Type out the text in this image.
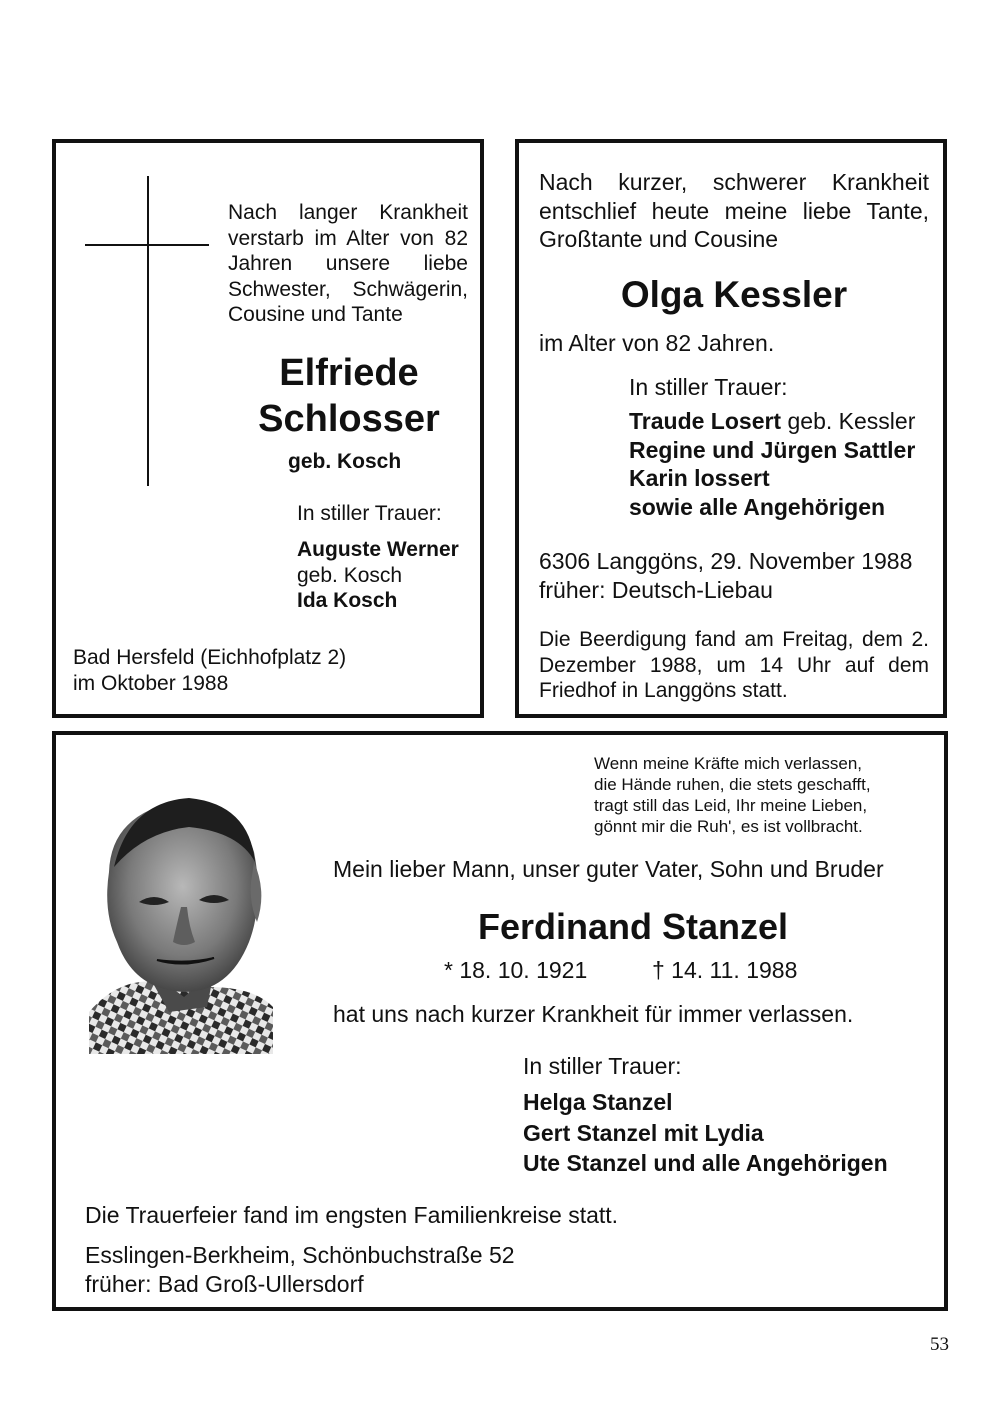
Nach langer Krankheit
verstarb im Alter von 82
Jahren unsere liebe
Schwester, Schwägerin,
Cousine und Tante
Elfriede
Schlosser
geb. Kosch
In stiller Trauer:
Auguste Werner
geb. Kosch
Ida Kosch
Bad Hersfeld (Eichhofplatz 2)
im Oktober 1988
Nach kurzer, schwerer Krankheit
entschlief heute meine liebe Tante,
Großtante und Cousine
Olga Kessler
im Alter von 82 Jahren.
In stiller Trauer:
Traude Losert geb. Kessler
Regine und Jürgen Sattler
Karin lossert
sowie alle Angehörigen
6306 Langgöns, 29. November 1988
früher: Deutsch-Liebau
Die Beerdigung fand am Freitag, dem 2.
Dezember 1988, um 14 Uhr auf dem
Friedhof in Langgöns statt.
Wenn meine Kräfte mich verlassen,
die Hände ruhen, die stets geschafft,
tragt still das Leid, Ihr meine Lieben,
gönnt mir die Ruh', es ist vollbracht.
Mein lieber Mann, unser guter Vater, Sohn und Bruder
Ferdinand Stanzel
* 18. 10. 1921	† 14. 11. 1988
hat uns nach kurzer Krankheit für immer verlassen.
In stiller Trauer:
Helga Stanzel
Gert Stanzel mit Lydia
Ute Stanzel und alle Angehörigen
Die Trauerfeier fand im engsten Familienkreise statt.
Esslingen-Berkheim, Schönbuchstraße 52
früher: Bad Groß-Ullersdorf
53
